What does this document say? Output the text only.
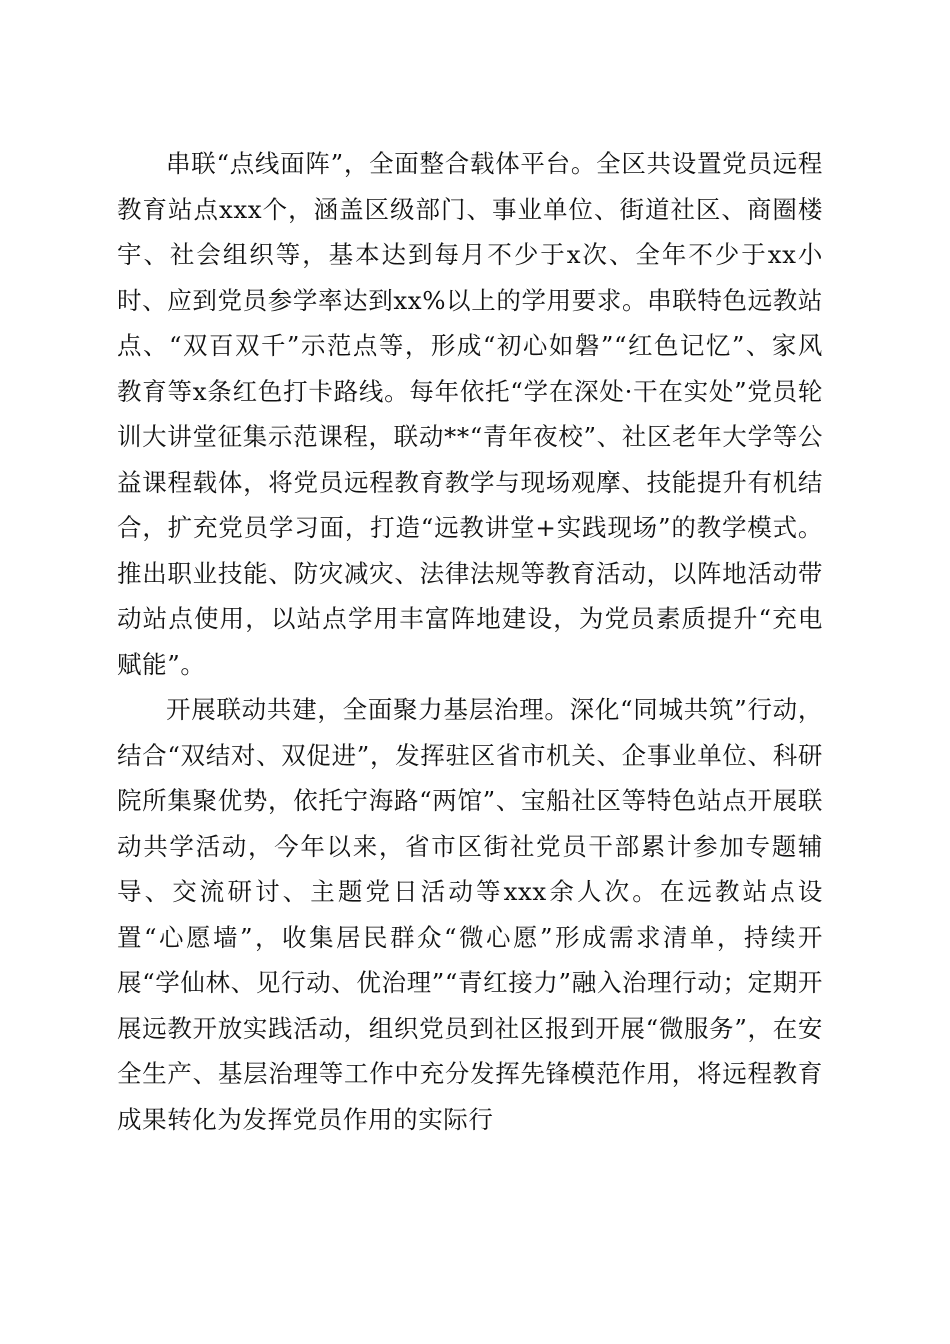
串联“点线面阵”，全面整合载体平台。全区共设置党员远程教育站点xxx个，涵盖区级部门、事业单位、街道社区、商圈楼宇、社会组织等，基本达到每月不少于x次、全年不少于xx小时、应到党员参学率达到xx%以上的学用要求。串联特色远教站点、“双百双千”示范点等，形成“初心如磐”“红色记忆”、家风教育等x条红色打卡路线。每年依托“学在深处·干在实处”党员轮训大讲堂征集示范课程，联动**“青年夜校”、社区老年大学等公益课程载体，将党员远程教育教学与现场观摩、技能提升有机结合，扩充党员学习面，打造“远教讲堂+实践现场”的教学模式。推出职业技能、防灾减灾、法律法规等教育活动，以阵地活动带动站点使用，以站点学用丰富阵地建设，为党员素质提升“充电赋能”。

开展联动共建，全面聚力基层治理。深化“同城共筑”行动，结合“双结对、双促进”，发挥驻区省市机关、企事业单位、科研院所集聚优势，依托宁海路“两馆”、宝船社区等特色站点开展联动共学活动，今年以来，省市区街社党员干部累计参加专题辅导、交流研讨、主题党日活动等xxx余人次。在远教站点设置“心愿墙”，收集居民群众“微心愿”形成需求清单，持续开展“学仙林、见行动、优治理”“青红接力”融入治理行动；定期开展远教开放实践活动，组织党员到社区报到开展“微服务”，在安全生产、基层治理等工作中充分发挥先锋模范作用，将远程教育成果转化为发挥党员作用的实际行
